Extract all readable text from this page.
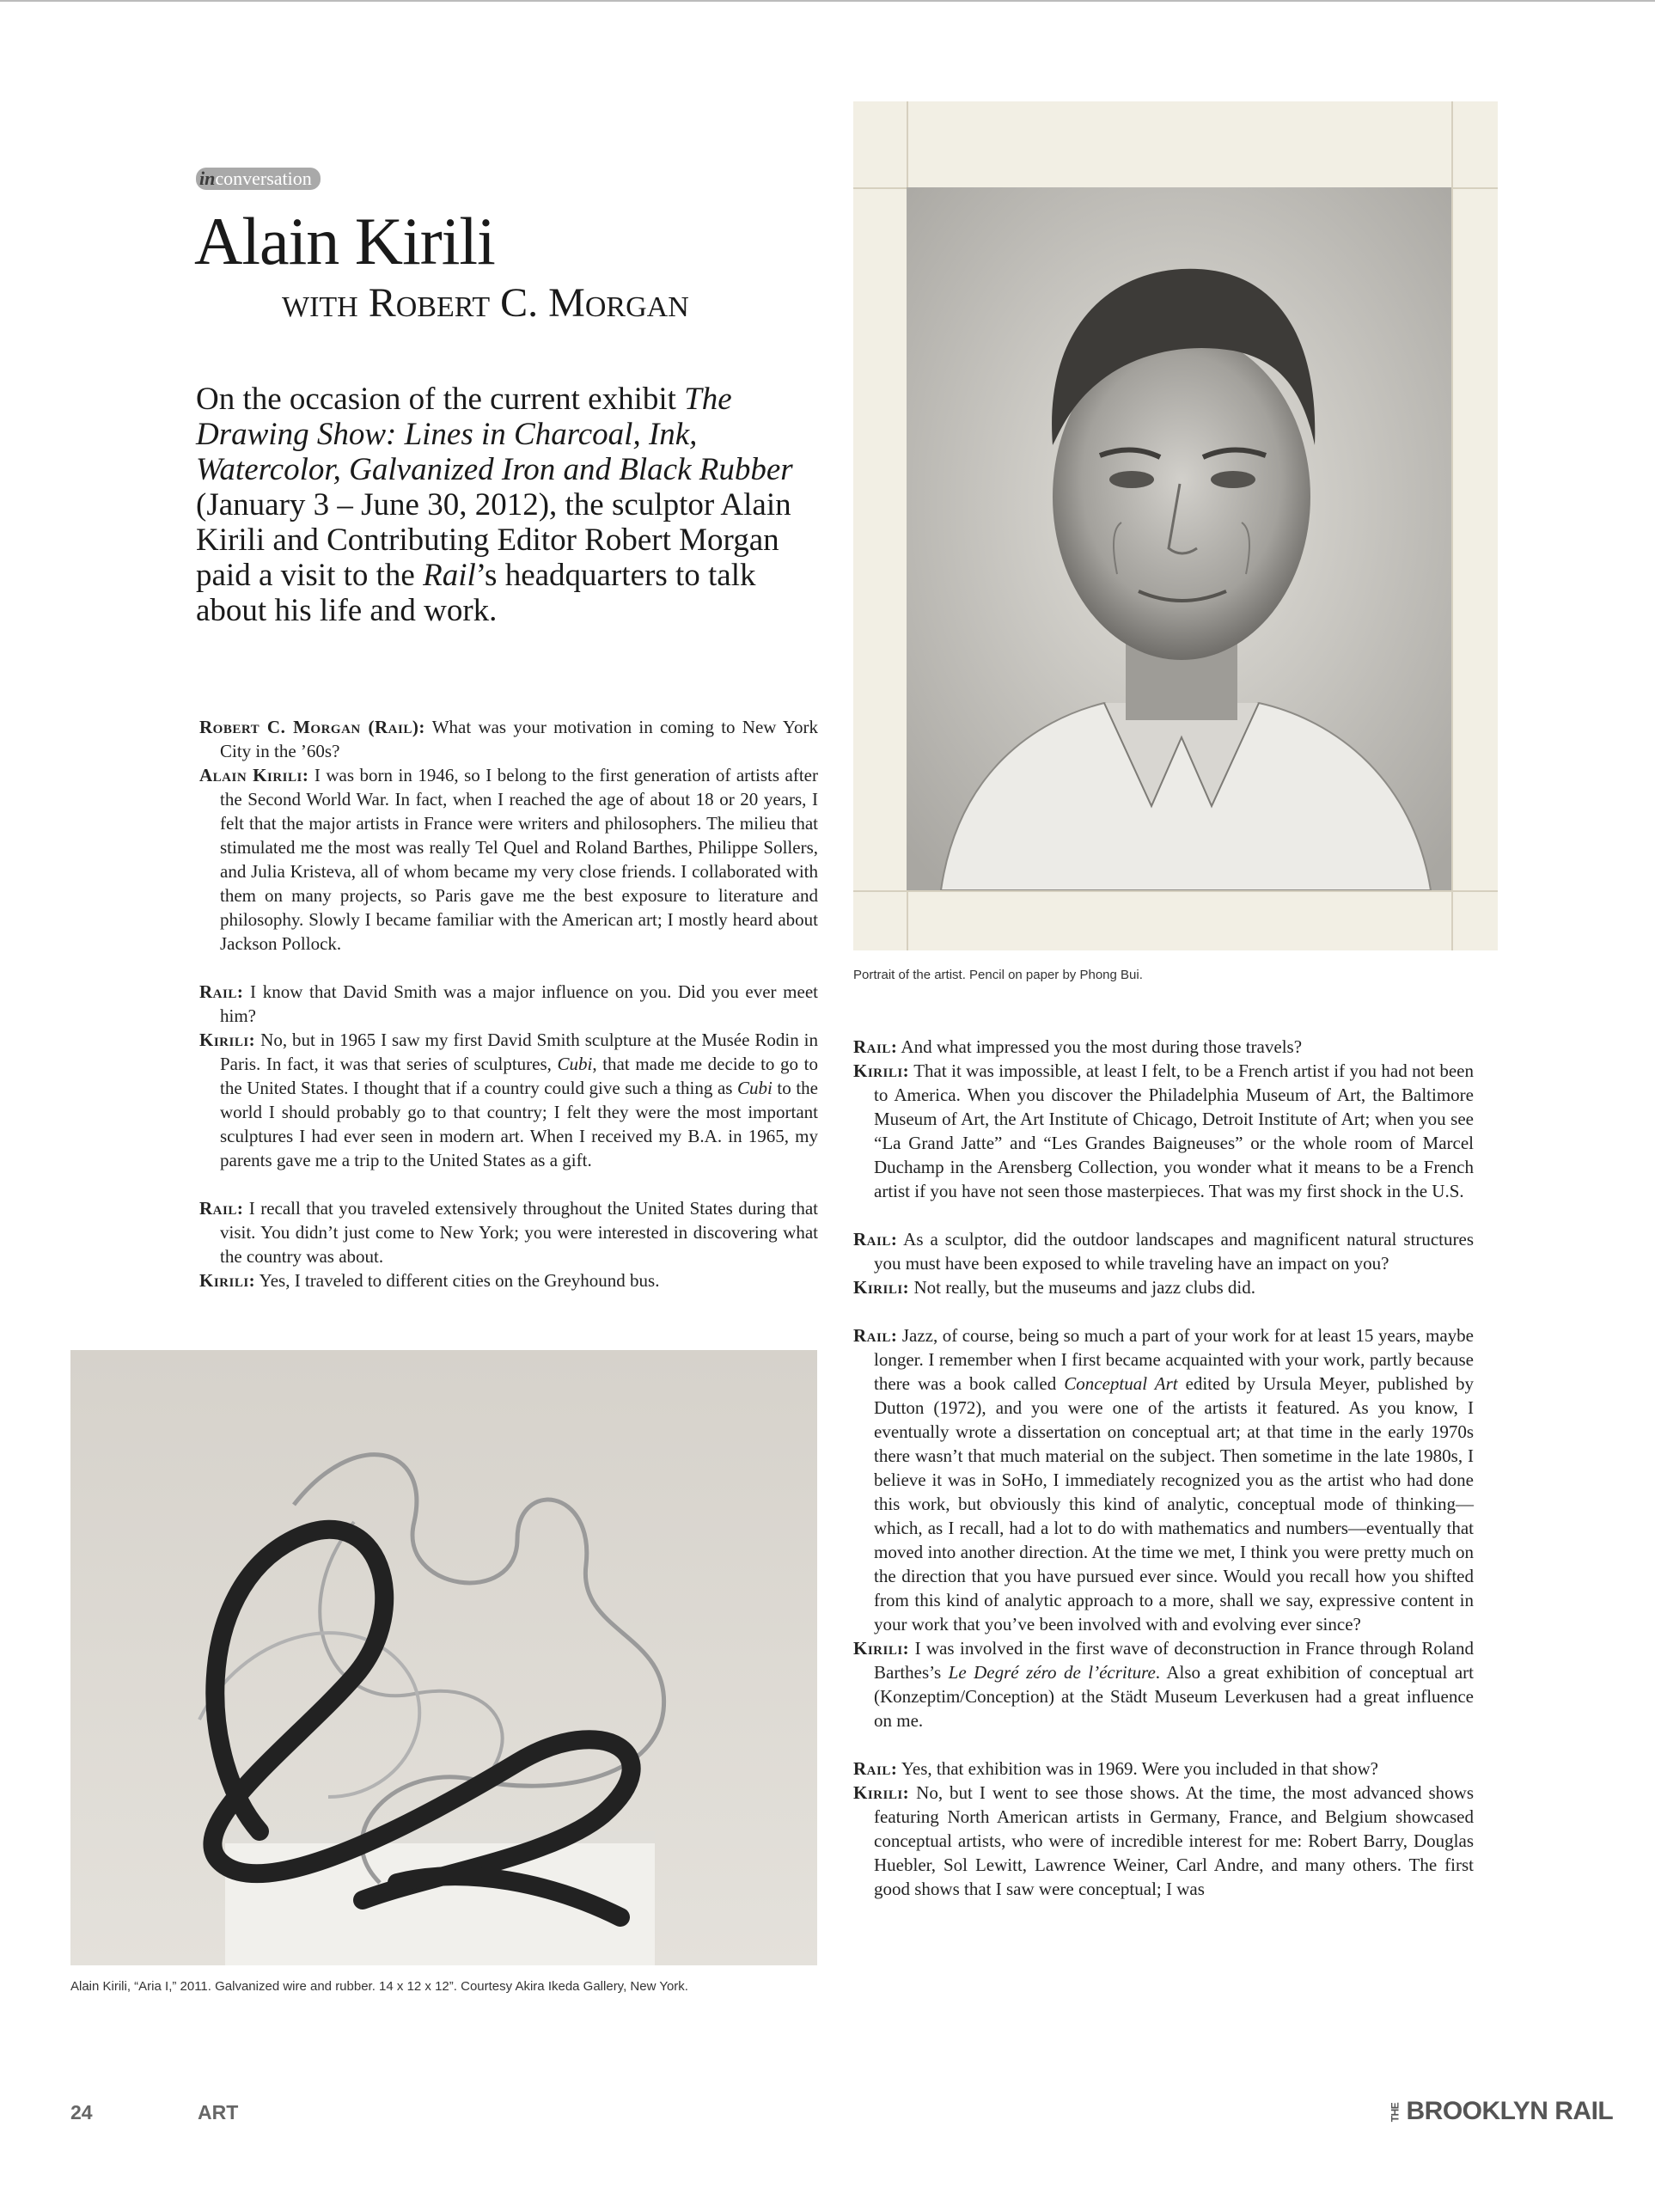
inconversation
Alain Kirili
with Robert C. Morgan

On the occasion of the current exhibit The Drawing Show: Lines in Charcoal, Ink, Watercolor, Galvanized Iron and Black Rubber (January 3 – June 30, 2012), the sculptor Alain Kirili and Contributing Editor Robert Morgan paid a visit to the Rail’s headquarters to talk about his life and work.

Robert C. Morgan (Rail): What was your motivation in coming to New York City in the ’60s?

Alain Kirili: I was born in 1946, so I belong to the first generation of artists after the Second World War. In fact, when I reached the age of about 18 or 20 years, I felt that the major artists in France were writers and philosophers. The milieu that stimulated me the most was really Tel Quel and Roland Barthes, Philippe Sollers, and Julia Kristeva, all of whom became my very close friends. I collaborated with them on many projects, so Paris gave me the best exposure to literature and philosophy. Slowly I became familiar with the American art; I mostly heard about Jackson Pollock.

Rail: I know that David Smith was a major influence on you. Did you ever meet him?

Kirili: No, but in 1965 I saw my first David Smith sculpture at the Musée Rodin in Paris. In fact, it was that series of sculptures, Cubi, that made me decide to go to the United States. I thought that if a country could give such a thing as Cubi to the world I should probably go to that country; I felt they were the most important sculptures I had ever seen in modern art. When I received my B.A. in 1965, my parents gave me a trip to the United States as a gift.

Rail: I recall that you traveled extensively throughout the United States during that visit. You didn’t just come to New York; you were interested in discovering what the country was about.

Kirili: Yes, I traveled to different cities on the Greyhound bus.

Portrait of the artist. Pencil on paper by Phong Bui.
Alain Kirili, “Aria I,” 2011. Galvanized wire and rubber. 14 x 12 x 12”. Courtesy Akira Ikeda Gallery, New York.

Rail: And what impressed you the most during those travels?

Kirili: That it was impossible, at least I felt, to be a French artist if you had not been to America. When you discover the Philadelphia Museum of Art, the Baltimore Museum of Art, the Art Institute of Chicago, Detroit Institute of Art; when you see “La Grand Jatte” and “Les Grandes Baigneuses” or the whole room of Marcel Duchamp in the Arensberg Collection, you wonder what it means to be a French artist if you have not seen those masterpieces. That was my first shock in the U.S.

Rail: As a sculptor, did the outdoor landscapes and magnificent natural structures you must have been exposed to while traveling have an impact on you?

Kirili: Not really, but the museums and jazz clubs did.

Rail: Jazz, of course, being so much a part of your work for at least 15 years, maybe longer. I remember when I first became acquainted with your work, partly because there was a book called Conceptual Art edited by Ursula Meyer, published by Dutton (1972), and you were one of the artists it featured. As you know, I eventually wrote a dissertation on conceptual art; at that time in the early 1970s there wasn’t that much material on the subject. Then sometime in the late 1980s, I believe it was in SoHo, I immediately recognized you as the artist who had done this work, but obviously this kind of analytic, conceptual mode of thinking—which, as I recall, had a lot to do with mathematics and numbers—eventually that moved into another direction. At the time we met, I think you were pretty much on the direction that you have pursued ever since. Would you recall how you shifted from this kind of analytic approach to a more, shall we say, expressive content in your work that you’ve been involved with and evolving ever since?

Kirili: I was involved in the first wave of deconstruction in France through Roland Barthes’s Le Degré zéro de l’écriture. Also a great exhibition of conceptual art (Konzeptim/Conception) at the Städt Museum Leverkusen had a great influence on me.

Rail: Yes, that exhibition was in 1969. Were you included in that show?

Kirili: No, but I went to see those shows. At the time, the most advanced shows featuring North American artists in Germany, France, and Belgium showcased conceptual artists, who were of incredible interest for me: Robert Barry, Douglas Huebler, Sol Lewitt, Lawrence Weiner, Carl Andre, and many others. The first good shows that I saw were conceptual; I was

24	ART	THE BROOKLYN RAIL
